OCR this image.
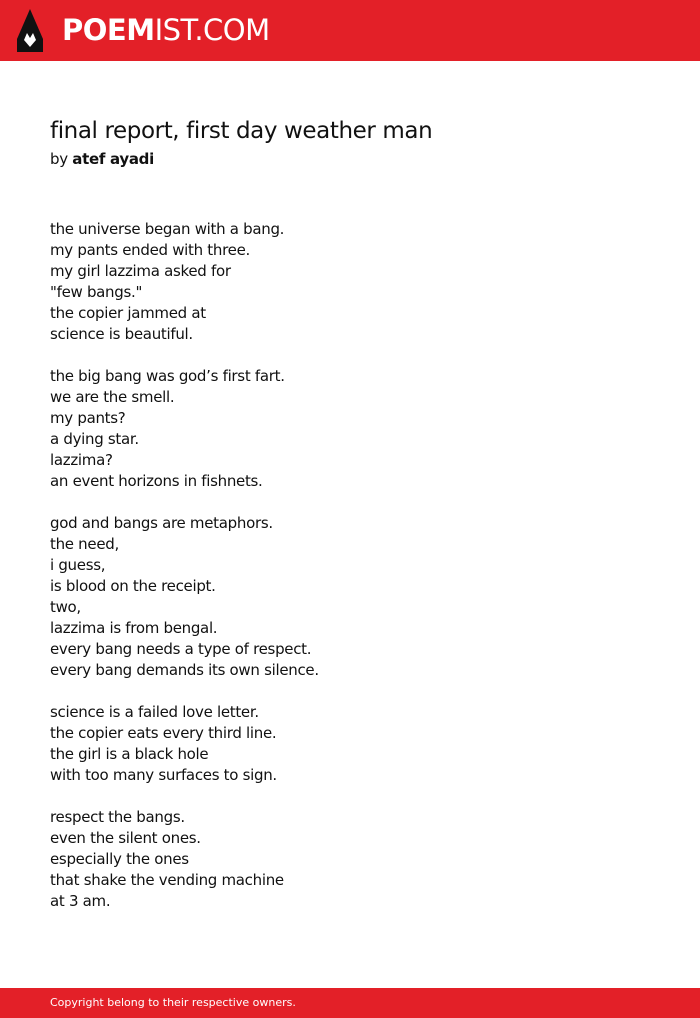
POEMIST.COM
final report, first day weather man
by atef ayadi
the universe began with a bang.
my pants ended with three.
my girl lazzima asked for
"few bangs."
the copier jammed at
science is beautiful.
the big bang was god’s first fart.
we are the smell.
my pants?
a dying star.
lazzima?
an event horizons in fishnets.
god and bangs are metaphors.
the need,
i guess,
is blood on the receipt.
two,
lazzima is from bengal.
every bang needs a type of respect.
every bang demands its own silence.
science is a failed love letter.
the copier eats every third line.
the girl is a black hole
with too many surfaces to sign.
respect the bangs.
even the silent ones.
especially the ones
that shake the vending machine
at 3 am.
Copyright belong to their respective owners.
